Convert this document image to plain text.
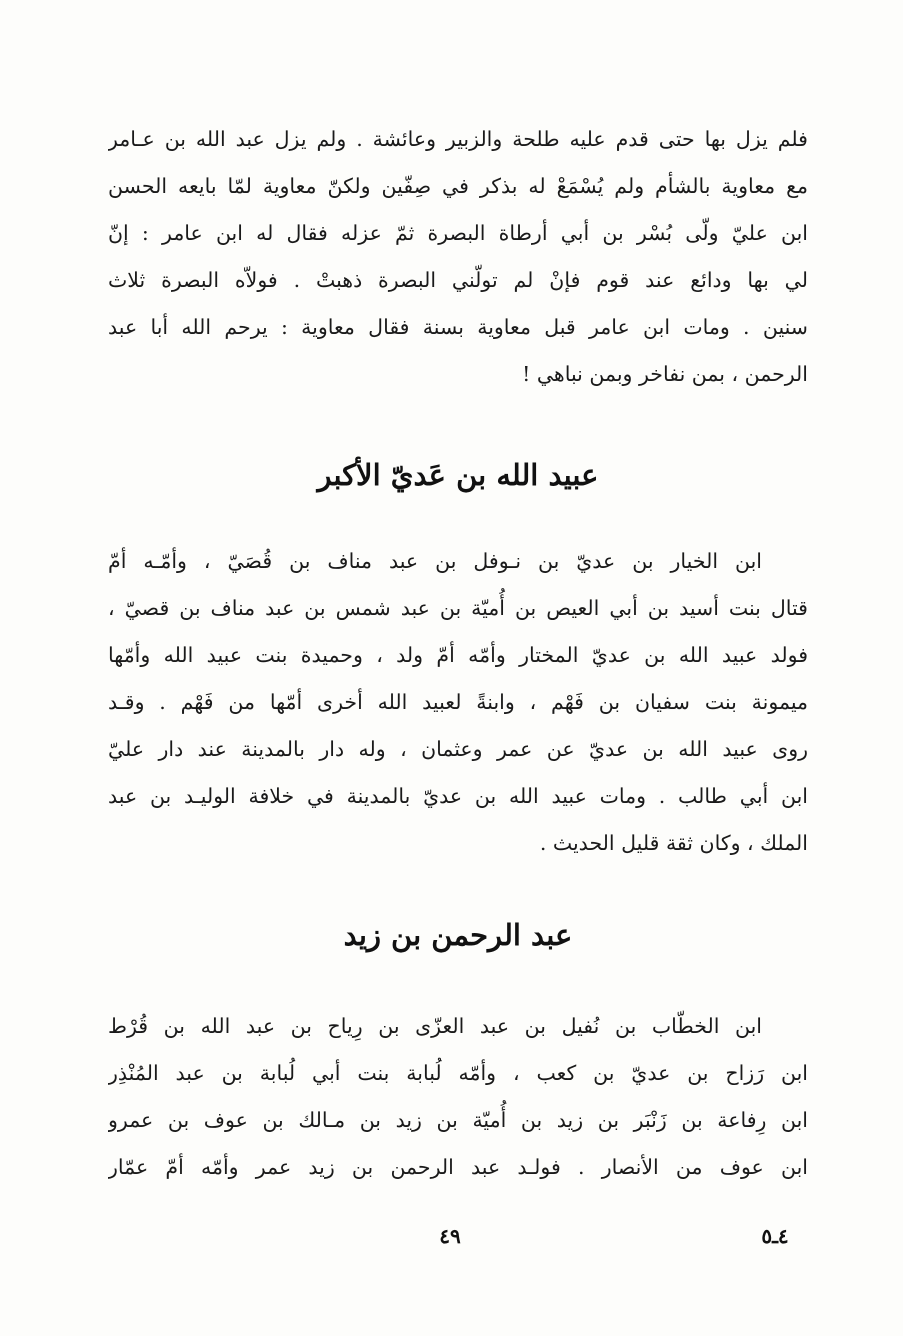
فلم يزل بها حتى قدم عليه طلحة والزبير وعائشة . ولم يزل عبد الله بن عـامر
مع معاوية بالشأم ولم يُسْمَعْ له بذكر في صِفّين ولكنّ معاوية لمّا بايعه الحسن
ابن عليّ ولّى بُسْر بن أبي أرطاة البصرة ثمّ عزله فقال له ابن عامر : إنّ
لي بها ودائع عند قوم فإنْ لم تولّني البصرة ذهبتْ . فولاّه البصرة ثلاث
سنين . ومات ابن عامر قبل معاوية بسنة فقال معاوية : يرحم الله أبا عبد
الرحمن ، بمن نفاخر وبمن نباهي !
عبيد الله بن عَديّ الأكبر
ابن الخيار بن عديّ بن نـوفل بن عبد مناف بن قُصَيّ ، وأمّـه أمّ
قتال بنت أسيد بن أبي العيص بن أُميّة بن عبد شمس بن عبد مناف بن قصيّ ،
فولد عبيد الله بن عديّ المختار وأمّه أمّ ولد ، وحميدة بنت عبيد الله وأمّها
ميمونة بنت سفيان بن فَهْم ، وابنةً لعبيد الله أخرى أمّها من فَهْم . وقـد
روى عبيد الله بن عديّ عن عمر وعثمان ، وله دار بالمدينة عند دار عليّ
ابن أبي طالب . ومات عبيد الله بن عديّ بالمدينة في خلافة الوليـد بن عبد
الملك ، وكان ثقة قليل الحديث .
عبد الرحمن بن زيد
ابن الخطّاب بن نُفيل بن عبد العزّى بن رِياح بن عبد الله بن قُرْط
ابن رَزاح بن عديّ بن كعب ، وأمّه لُبابة بنت أبي لُبابة بن عبد المُنْذِر
ابن رِفاعة بن زَنْبَر بن زيد بن أُميّة بن زيد بن مـالك بن عوف بن عمرو
ابن عوف من الأنصار . فولـد عبد الرحمن بن زيد عمر وأمّه أمّ عمّار
٤٩	٤ـ٥
